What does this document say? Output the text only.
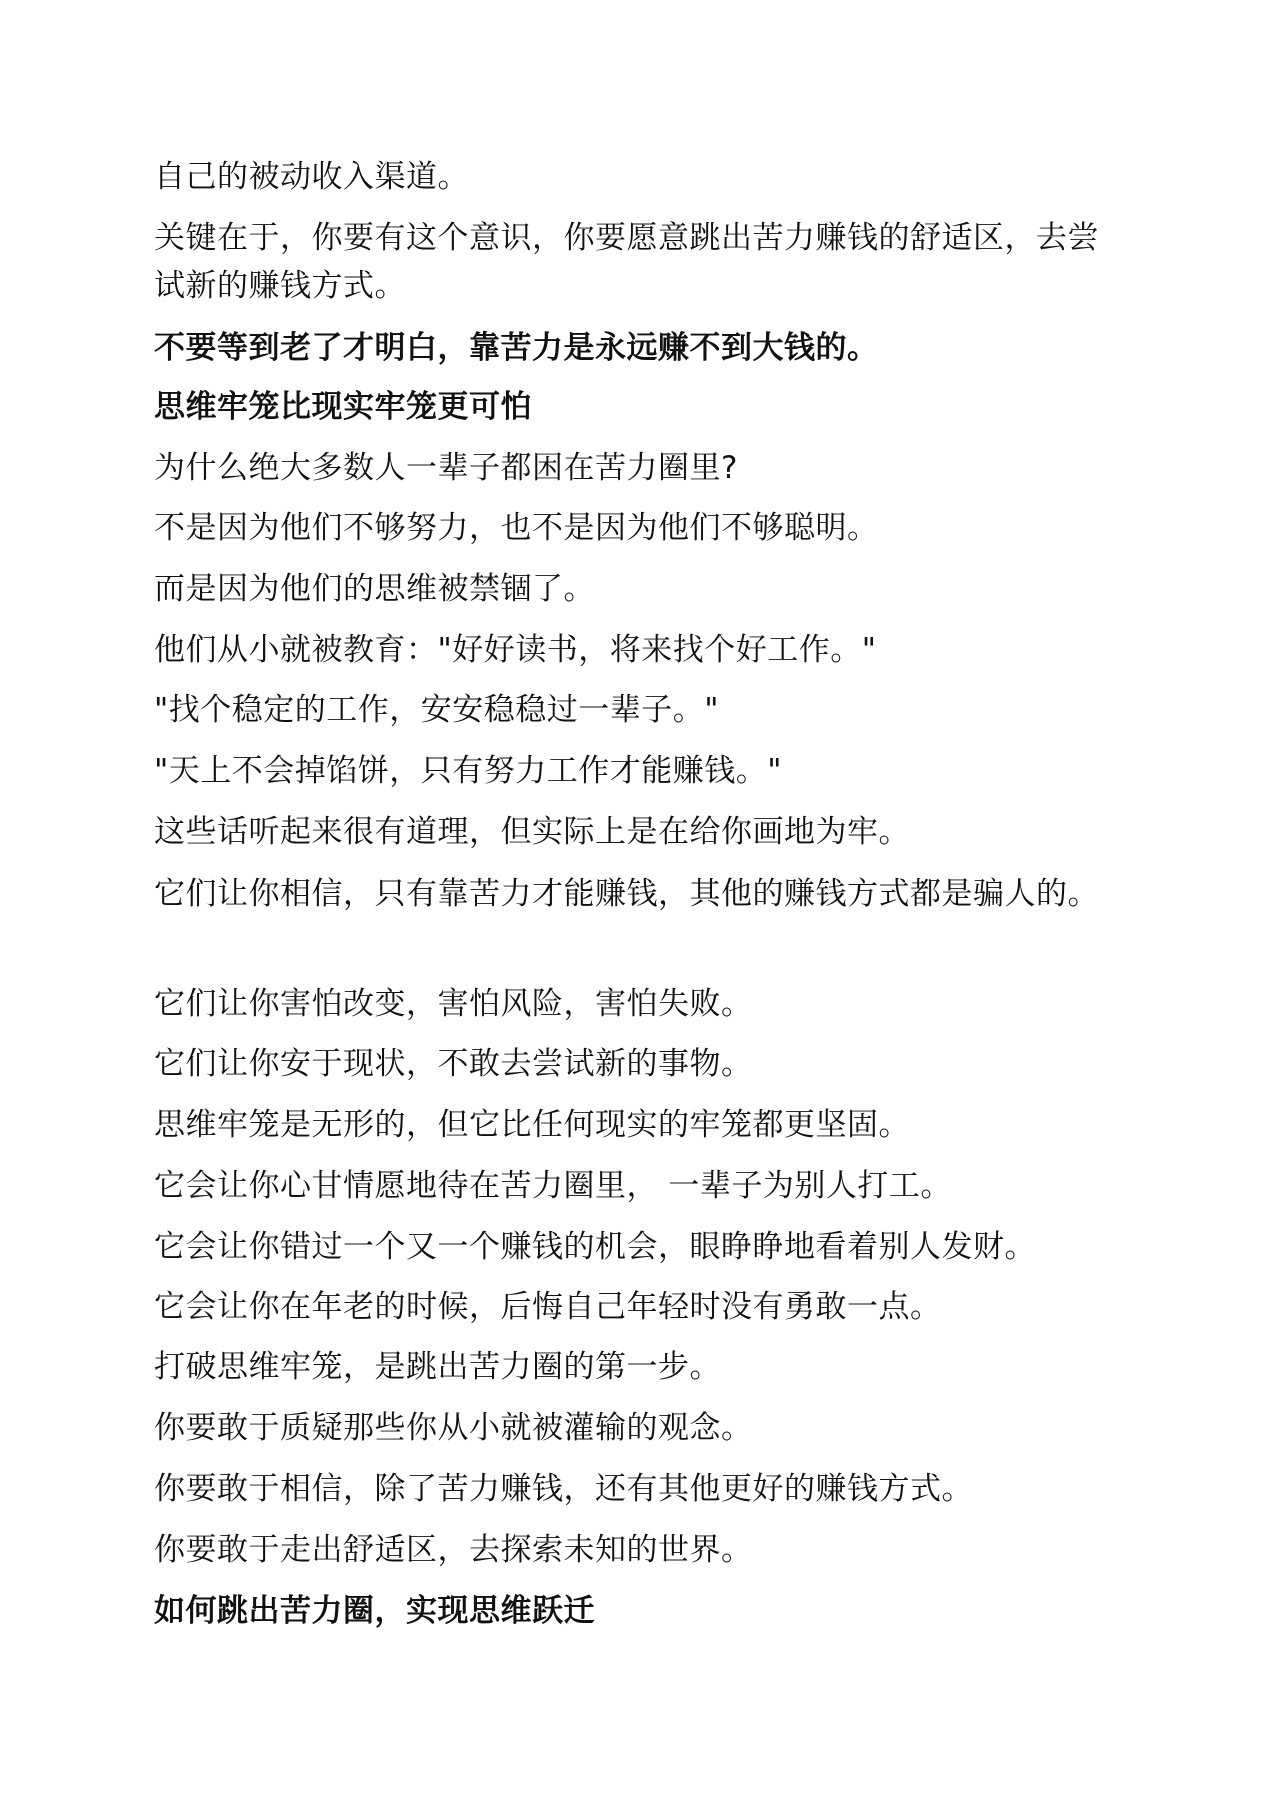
自己的被动收入渠道。

关键在于，你要有这个意识，你要愿意跳出苦力赚钱的舒适区，去尝试新的赚钱方式。

不要等到老了才明白，靠苦力是永远赚不到大钱的。

思维牢笼比现实牢笼更可怕

为什么绝大多数人一辈子都困在苦力圈里?

不是因为他们不够努力，也不是因为他们不够聪明。

而是因为他们的思维被禁锢了。

他们从小就被教育："好好读书，将来找个好工作。"

"找个稳定的工作，安安稳稳过一辈子。"

"天上不会掉馅饼，只有努力工作才能赚钱。"

这些话听起来很有道理，但实际上是在给你画地为牢。

它们让你相信，只有靠苦力才能赚钱，其他的赚钱方式都是骗人的。

它们让你害怕改变，害怕风险，害怕失败。

它们让你安于现状，不敢去尝试新的事物。

思维牢笼是无形的，但它比任何现实的牢笼都更坚固。

它会让你心甘情愿地待在苦力圈里， 一辈子为别人打工。

它会让你错过一个又一个赚钱的机会，眼睁睁地看着别人发财。

它会让你在年老的时候，后悔自己年轻时没有勇敢一点。

打破思维牢笼，是跳出苦力圈的第一步。

你要敢于质疑那些你从小就被灌输的观念。

你要敢于相信，除了苦力赚钱，还有其他更好的赚钱方式。

你要敢于走出舒适区，去探索未知的世界。

如何跳出苦力圈，实现思维跃迁
